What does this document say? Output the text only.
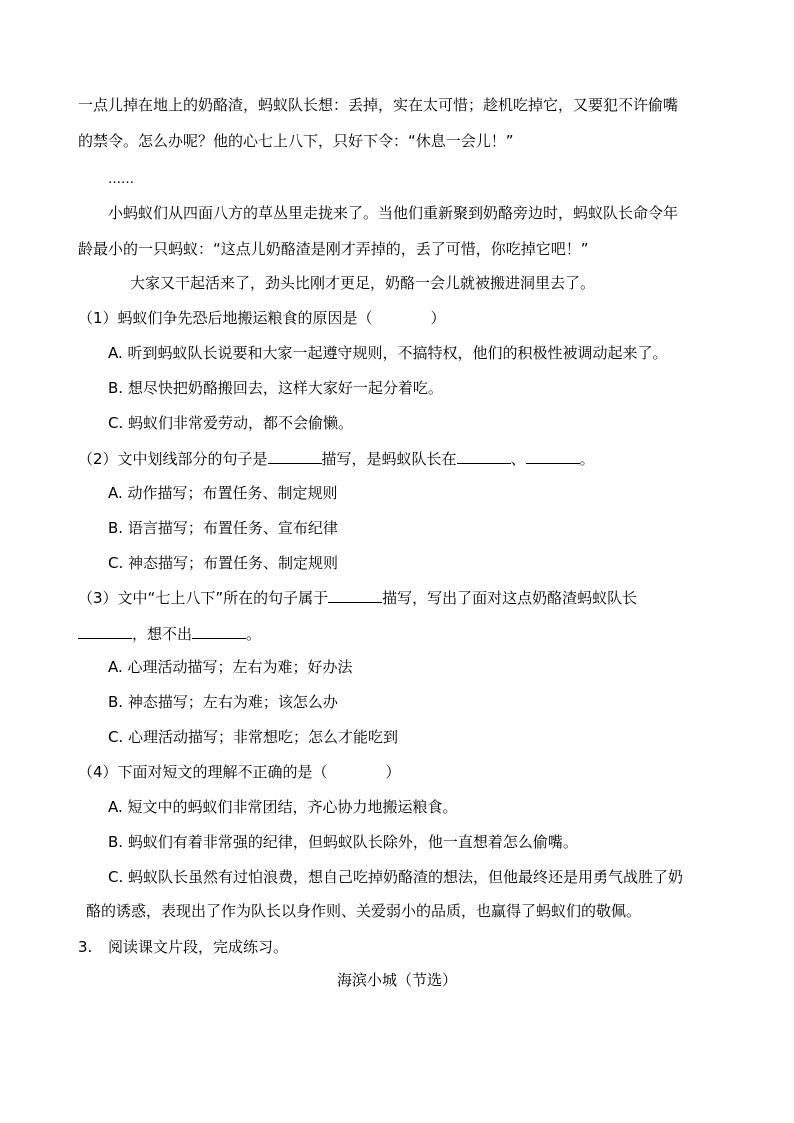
一点儿掉在地上的奶酪渣，蚂蚁队长想：丢掉，实在太可惜；趁机吃掉它，又要犯不许偷嘴
的禁令。怎么办呢？他的心七上八下，只好下令：“休息一会儿！”
……
小蚂蚁们从四面八方的草丛里走拢来了。当他们重新聚到奶酪旁边时，蚂蚁队长命令年
龄最小的一只蚂蚁：“这点儿奶酪渣是刚才弄掉的，丢了可惜，你吃掉它吧！”
大家又干起活来了，劲头比刚才更足，奶酪一会儿就被搬进洞里去了。
（1）蚂蚁们争先恐后地搬运粮食的原因是（	）
A. 听到蚂蚁队长说要和大家一起遵守规则，不搞特权，他们的积极性被调动起来了。
B. 想尽快把奶酪搬回去，这样大家好一起分着吃。
C. 蚂蚁们非常爱劳动，都不会偷懒。
（2）文中划线部分的句子是	描写，是蚂蚁队长在	、	。
A. 动作描写；布置任务、制定规则
B. 语言描写；布置任务、宣布纪律
C. 神态描写；布置任务、制定规则
（3）文中“七上八下”所在的句子属于	描写，写出了面对这点奶酪渣蚂蚁队长
，想不出	。
A. 心理活动描写；左右为难；好办法
B. 神态描写；左右为难；该怎么办
C. 心理活动描写；非常想吃；怎么才能吃到
（4）下面对短文的理解不正确的是（	）
A. 短文中的蚂蚁们非常团结，齐心协力地搬运粮食。
B. 蚂蚁们有着非常强的纪律，但蚂蚁队长除外，他一直想着怎么偷嘴。
C. 蚂蚁队长虽然有过怕浪费，想自己吃掉奶酪渣的想法，但他最终还是用勇气战胜了奶
酪的诱惑，表现出了作为队长以身作则、关爱弱小的品质，也赢得了蚂蚁们的敬佩。
3. 阅读课文片段，完成练习。
海滨小城（节选）
